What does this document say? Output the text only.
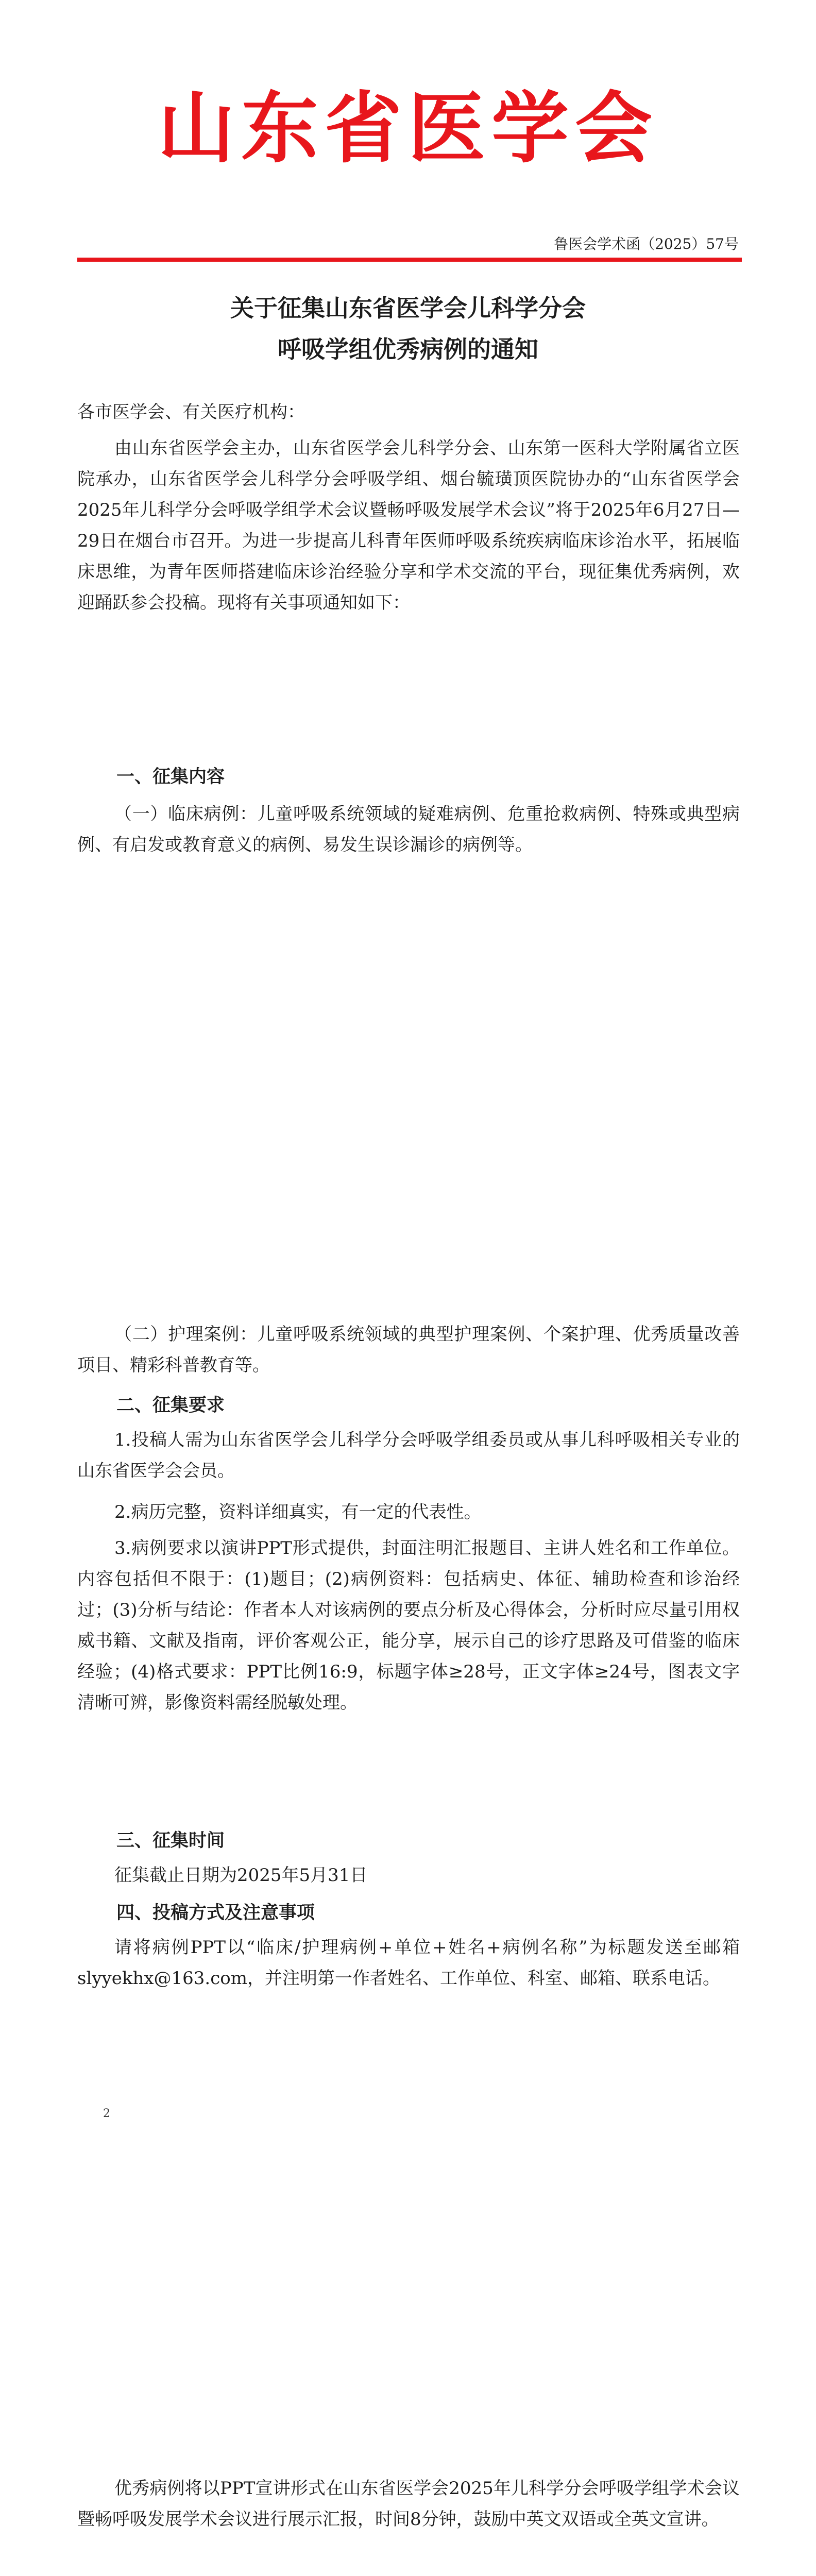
山东省医学会
鲁医会学术函（2025）57号
关于征集山东省医学会儿科学分会
呼吸学组优秀病例的通知
各市医学会、有关医疗机构：
由山东省医学会主办，山东省医学会儿科学分会、山东第一医科大学附属省立医院承办，山东省医学会儿科学分会呼吸学组、烟台毓璜顶医院协办的“山东省医学会2025年儿科学分会呼吸学组学术会议暨畅呼吸发展学术会议”将于2025年6月27日—29日在烟台市召开。为进一步提高儿科青年医师呼吸系统疾病临床诊治水平，拓展临床思维，为青年医师搭建临床诊治经验分享和学术交流的平台，现征集优秀病例，欢迎踊跃参会投稿。现将有关事项通知如下：
一、征集内容
（一）临床病例：儿童呼吸系统领域的疑难病例、危重抢救病例、特殊或典型病例、有启发或教育意义的病例、易发生误诊漏诊的病例等。
（二）护理案例：儿童呼吸系统领域的典型护理案例、个案护理、优秀质量改善项目、精彩科普教育等。
二、征集要求
1.投稿人需为山东省医学会儿科学分会呼吸学组委员或从事儿科呼吸相关专业的山东省医学会会员。
2.病历完整，资料详细真实，有一定的代表性。
3.病例要求以演讲PPT形式提供，封面注明汇报题目、主讲人姓名和工作单位。内容包括但不限于：(1)题目；(2)病例资料：包括病史、体征、辅助检查和诊治经过；(3)分析与结论：作者本人对该病例的要点分析及心得体会，分析时应尽量引用权威书籍、文献及指南，评价客观公正，能分享，展示自己的诊疗思路及可借鉴的临床经验；(4)格式要求：PPT比例16:9，标题字体≥28号，正文字体≥24号，图表文字清晰可辨，影像资料需经脱敏处理。
三、征集时间
征集截止日期为2025年5月31日
四、投稿方式及注意事项
请将病例PPT以“临床/护理病例+单位+姓名+病例名称”为标题发送至邮箱slyyekhx@163.com，并注明第一作者姓名、工作单位、科室、邮箱、联系电话。
2
优秀病例将以PPT宣讲形式在山东省医学会2025年儿科学分会呼吸学组学术会议暨畅呼吸发展学术会议进行展示汇报，时间8分钟，鼓励中英文双语或全英文宣讲。
